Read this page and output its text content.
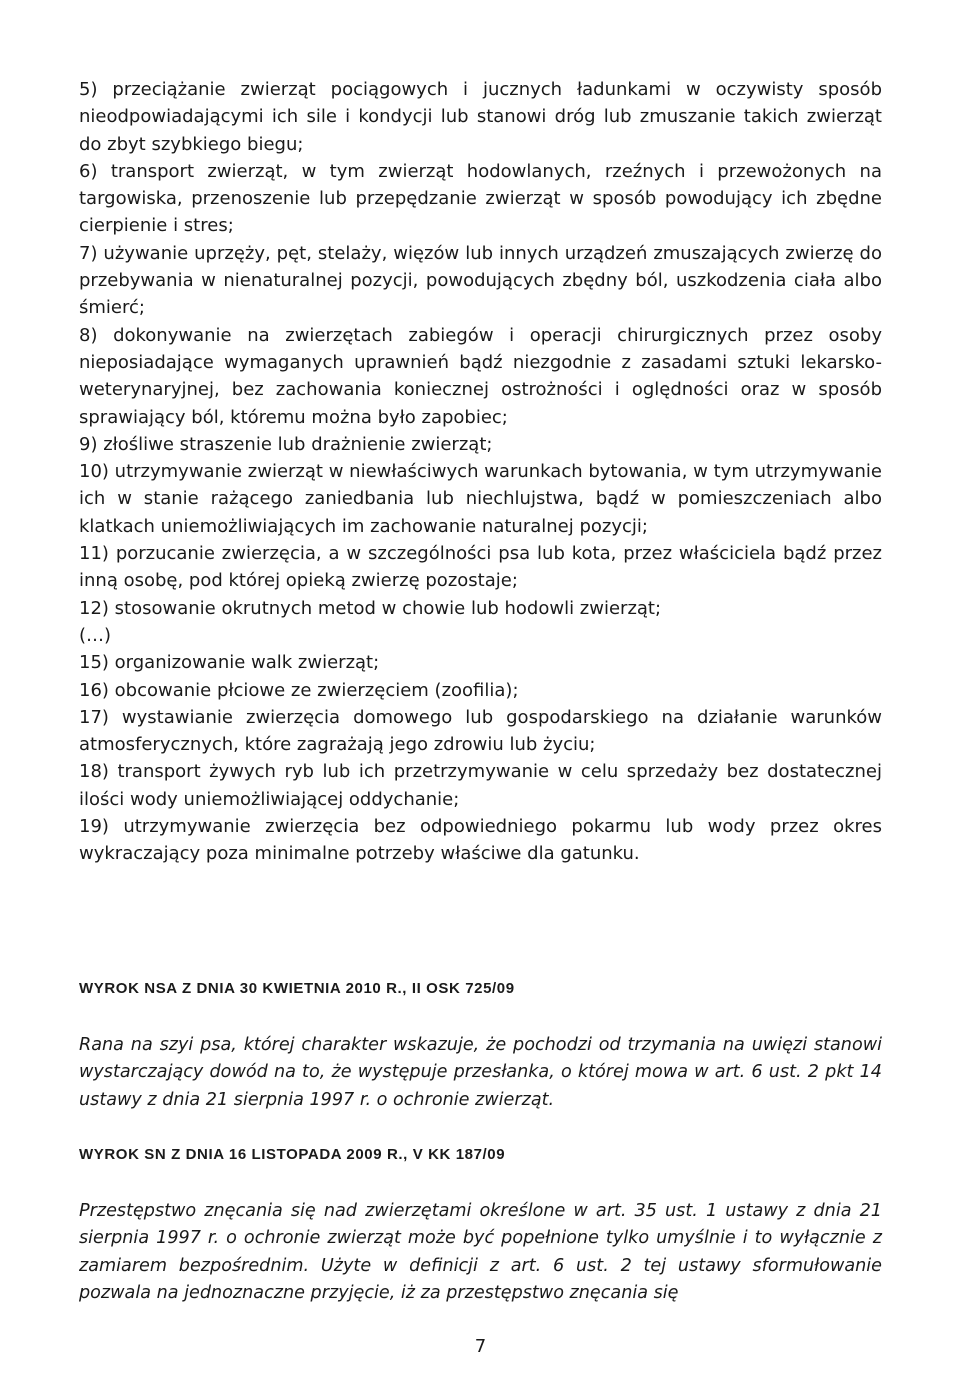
5) przeciążanie zwierząt pociągowych i jucznych ładunkami w oczywisty sposób nieodpowiadającymi ich sile i kondycji lub stanowi dróg lub zmuszanie takich zwierząt do zbyt szybkiego biegu;

6) transport zwierząt, w tym zwierząt hodowlanych, rzeźnych i przewożonych na targowiska, przenoszenie lub przepędzanie zwierząt w sposób powodujący ich zbędne cierpienie i stres;

7) używanie uprzęży, pęt, stelaży, więzów lub innych urządzeń zmuszających zwierzę do przebywania w nienaturalnej pozycji, powodujących zbędny ból, uszkodzenia ciała albo śmierć;

8) dokonywanie na zwierzętach zabiegów i operacji chirurgicznych przez osoby nieposiadające wymaganych uprawnień bądź niezgodnie z zasadami sztuki lekarsko-weterynaryjnej, bez zachowania koniecznej ostrożności i oględności oraz w sposób sprawiający ból, któremu można było zapobiec;

9) złośliwe straszenie lub drażnienie zwierząt;

10) utrzymywanie zwierząt w niewłaściwych warunkach bytowania, w tym utrzymywanie ich w stanie rażącego zaniedbania lub niechlujstwa, bądź w pomieszczeniach albo klatkach uniemożliwiających im zachowanie naturalnej pozycji;

11) porzucanie zwierzęcia, a w szczególności psa lub kota, przez właściciela bądź przez inną osobę, pod której opieką zwierzę pozostaje;

12) stosowanie okrutnych metod w chowie lub hodowli zwierząt;

(…)

15) organizowanie walk zwierząt;

16) obcowanie płciowe ze zwierzęciem (zoofilia);

17) wystawianie zwierzęcia domowego lub gospodarskiego na działanie warunków atmosferycznych, które zagrażają jego zdrowiu lub życiu;

18) transport żywych ryb lub ich przetrzymywanie w celu sprzedaży bez dostatecznej ilości wody uniemożliwiającej oddychanie;

19) utrzymywanie zwierzęcia bez odpowiedniego pokarmu lub wody przez okres wykraczający poza minimalne potrzeby właściwe dla gatunku.

WYROK NSA Z DNIA 30 KWIETNIA 2010 R., II OSK 725/09

Rana na szyi psa, której charakter wskazuje, że pochodzi od trzymania na uwięzi stanowi wystarczający dowód na to, że występuje przesłanka, o której mowa w art. 6 ust. 2 pkt 14 ustawy z dnia 21 sierpnia 1997 r. o ochronie zwierząt.

WYROK SN Z DNIA 16 LISTOPADA 2009 R., V KK 187/09

Przestępstwo znęcania się nad zwierzętami określone w art. 35 ust. 1 ustawy z dnia 21 sierpnia 1997 r. o ochronie zwierząt może być popełnione tylko umyślnie i to wyłącznie z zamiarem bezpośrednim. Użyte w definicji z art. 6 ust. 2 tej ustawy sformułowanie pozwala na jednoznaczne przyjęcie, iż za przestępstwo znęcania się

7
